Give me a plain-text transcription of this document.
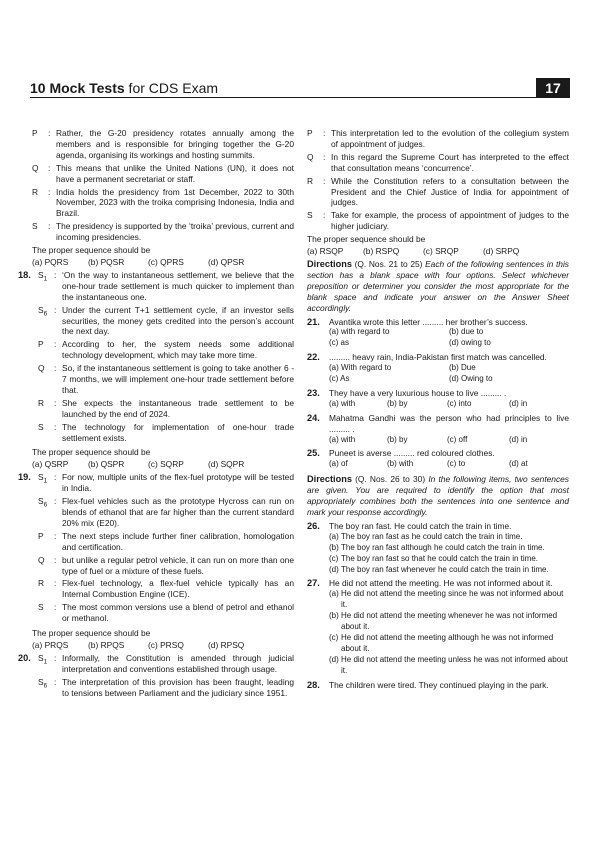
10 Mock Tests for CDS Exam	17
P	: Rather, the G-20 presidency rotates annually among the members and is responsible for bringing together the G-20 agenda, organising its workings and hosting summits.
Q	: This means that unlike the United Nations (UN), it does not have a permanent secretariat or staff.
R	: India holds the presidency from 1st December, 2022 to 30th November, 2023 with the troika comprising Indonesia, India and Brazil.
S	: The presidency is supported by the ‘troika’ previous, current and incoming presidencies.
The proper sequence should be
(a) PQRS	(b) PQSR	(c) QPRS	(d) QPSR
18. $S_1$ : ‘On the way to instantaneous settlement, we believe that the one-hour trade settlement is much quicker to implement than the instantaneous one.
$S_6$ : Under the current T+1 settlement cycle, if an investor sells securities, the money gets credited into the person’s account the next day.
P	: According to her, the system needs some additional technology development, which may take more time.
Q	: So, if the instantaneous settlement is going to take another 6 - 7 months, we will implement one-hour trade settlement before that.
R	: She expects the instantaneous trade settlement to be launched by the end of 2024.
S	: The technology for implementation of one-hour trade settlement exists.
The proper sequence should be
(a) QSRP	(b) QSPR	(c) SQRP	(d) SQPR
19. $S_1$ : For now, multiple units of the flex-fuel prototype will be tested in India.
$S_6$ : Flex-fuel vehicles such as the prototype Hycross can run on blends of ethanol that are far higher than the current standard 20% mix (E20).
P	: The next steps include further finer calibration, homologation and certification.
Q	: but unlike a regular petrol vehicle, it can run on more than one type of fuel or a mixture of these fuels.
R	: Flex-fuel technology, a flex-fuel vehicle typically has an Internal Combustion Engine (ICE).
S	: The most common versions use a blend of petrol and ethanol or methanol.
The proper sequence should be
(a) PRQS	(b) RPQS	(c) PRSQ	(d) RPSQ
20. $S_1$ : Informally, the Constitution is amended through judicial interpretation and conventions established through usage.
$S_6$ : The interpretation of this provision has been fraught, leading to tensions between Parliament and the judiciary since 1951.
P	: This interpretation led to the evolution of the collegium system of appointment of judges.
Q	: In this regard the Supreme Court has interpreted to the effect that consultation means ‘concurrence’.
R	: While the Constitution refers to a consultation between the President and the Chief Justice of India for appointment of judges.
S	: Take for example, the process of appointment of judges to the higher judiciary.
The proper sequence should be
(a) RSQP	(b) RSPQ	(c) SRQP	(d) SRPQ
Directions (Q. Nos. 21 to 25) Each of the following sentences in this section has a blank space with four options. Select whichever preposition or determiner you consider the most appropriate for the blank space and indicate your answer on the Answer Sheet accordingly.
21.	Avantika wrote this letter ......... her brother’s success.
(a) with regard to	(b) due to
(c) as	(d) owing to
22.	......... heavy rain, India-Pakistan first match was cancelled.
(a) With regard to	(b) Due
(c) As	(d) Owing to
23.	They have a very luxurious house to live ......... .
(a) with	(b) by	(c) into	(d) in
24.	Mahatma Gandhi was the person who had principles to live ......... .
(a) with	(b) by	(c) off	(d) in
25.	Puneet is averse ......... red coloured clothes.
(a) of	(b) with	(c) to	(d) at
Directions (Q. Nos. 26 to 30) In the following items, two sentences are given. You are required to identify the option that most appropriately combines both the sentences into one sentence and mark your response accordingly.
26.	The boy ran fast. He could catch the train in time.
(a) The boy ran fast as he could catch the train in time.
(b) The boy ran fast although he could catch the train in time.
(c) The boy ran fast so that he could catch the train in time.
(d) The boy ran fast whenever he could catch the train in time.
27.	He did not attend the meeting. He was not informed about it.
(a) He did not attend the meeting since he was not informed about it.
(b) He did not attend the meeting whenever he was not informed about it.
(c) He did not attend the meeting although he was not informed about it.
(d) He did not attend the meeting unless he was not informed about it.
28.	The children were tired. They continued playing in the park.
